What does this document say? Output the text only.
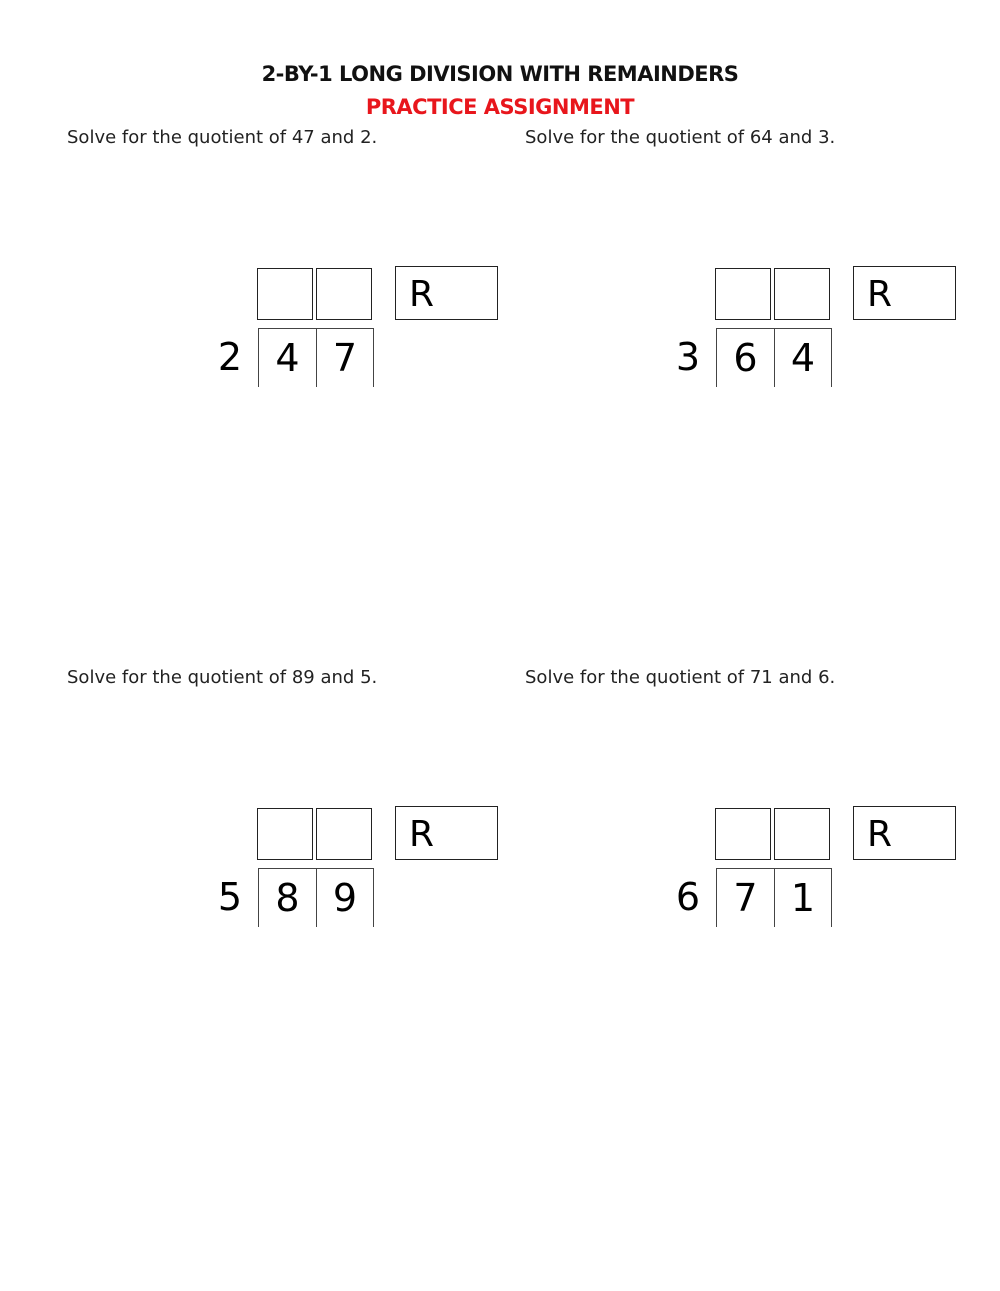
2-BY-1 LONG DIVISION WITH REMAINDERS
PRACTICE ASSIGNMENT
Solve for the quotient of 47 and 2.
R
2 4 7
Solve for the quotient of 64 and 3.
R
3 6 4
Solve for the quotient of 89 and 5.
R
5 8 9
Solve for the quotient of 71 and 6.
R
6 7 1
